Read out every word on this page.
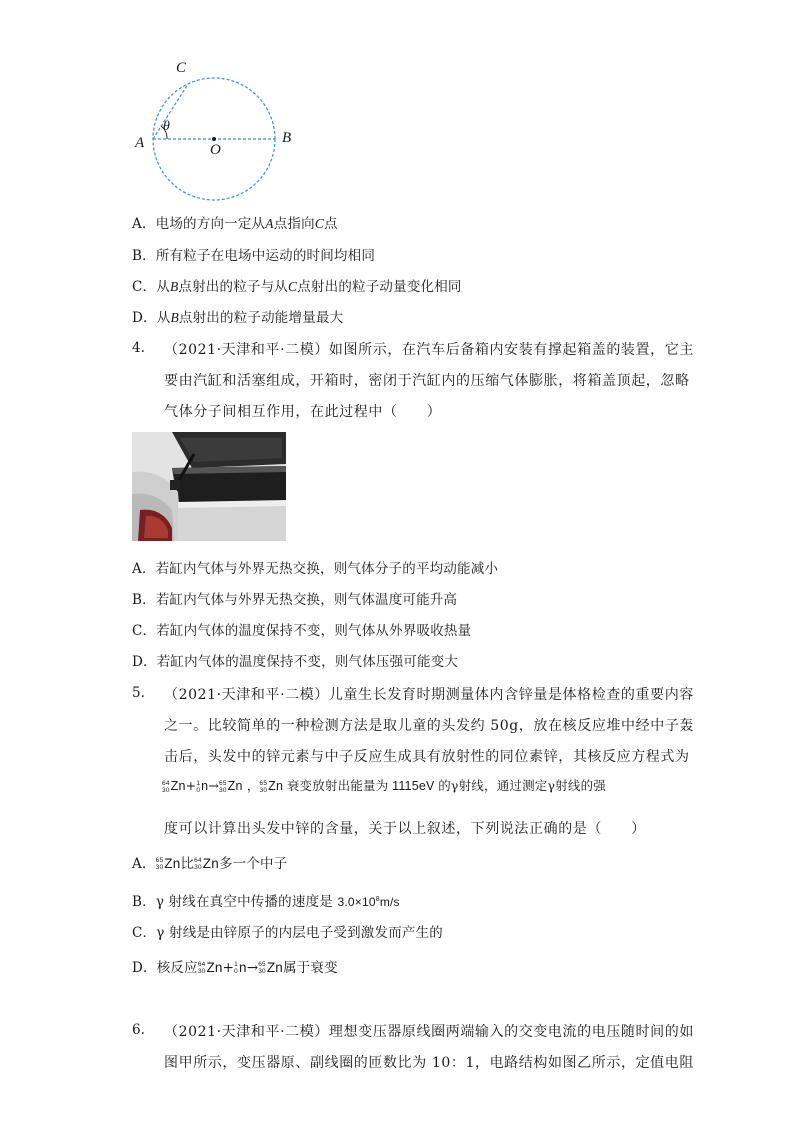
C
A	B
O
θ
A．电场的方向一定从A点指向C点
B．所有粒子在电场中运动的时间均相同
C．从B点射出的粒子与从C点射出的粒子动量变化相同
D．从B点射出的粒子动能增量最大
4. （2021·天津和平·二模）如图所示，在汽车后备箱内安装有撑起箱盖的装置，它主
要由汽缸和活塞组成，开箱时，密闭于汽缸内的压缩气体膨胀，将箱盖顶起，忽略
气体分子间相互作用，在此过程中（　　）
A．若缸内气体与外界无热交换，则气体分子的平均动能减小
B．若缸内气体与外界无热交换，则气体温度可能升高
C．若缸内气体的温度保持不变，则气体从外界吸收热量
D．若缸内气体的温度保持不变，则气体压强可能变大
5. （2021·天津和平·二模）儿童生长发育时期测量体内含锌量是体格检查的重要内容
之一。比较简单的一种检测方法是取儿童的头发约 50g，放在核反应堆中经中子轰
击后，头发中的锌元素与中子反应生成具有放射性的同位素锌，其核反应方程式为
64
30 Zn+ 1
0 n→ 65
30 Zn ， 65
30 Zn 衰变放射出能量为 1115eV 的γ射线，通过测定γ射线的强
度可以计算出头发中锌的含量，关于以上叙述，下列说法正确的是（　　）
A． 65
30 Zn比 64
30 Zn多一个中子
B．γ 射线在真空中传播的速度是 $3.0\times 10^8m/s$
C．γ 射线是由锌原子的内层电子受到激发而产生的
D．核反应 64
30 Zn+ 1
0 n→ 65
30 Zn属于衰变
6. （2021·天津和平·二模）理想变压器原线圈两端输入的交变电流的电压随时间的如
图甲所示，变压器原、副线圈的匝数比为 10：1，电路结构如图乙所示，定值电阻
